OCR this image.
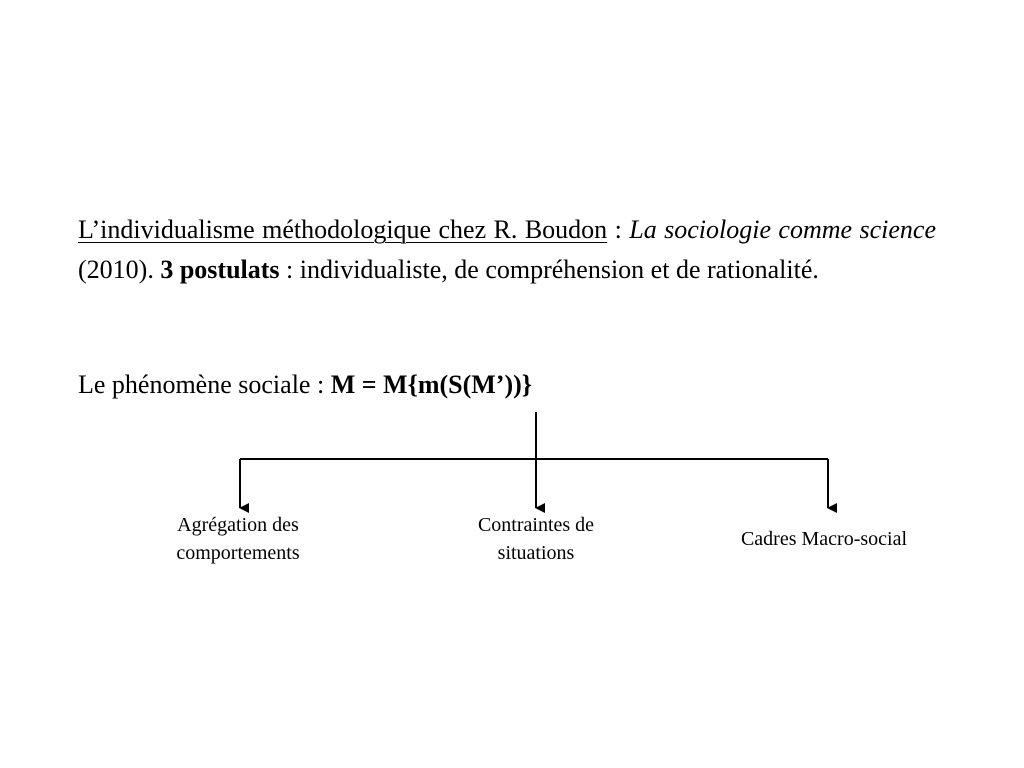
L’individualisme méthodologique chez R. Boudon : La sociologie comme science (2010). 3 postulats : individualiste, de compréhension et de rationalité.
Le phénomène sociale : M = M{m(S(M’))}
Agrégation des
comportements
Contraintes de
situations
Cadres Macro-social
